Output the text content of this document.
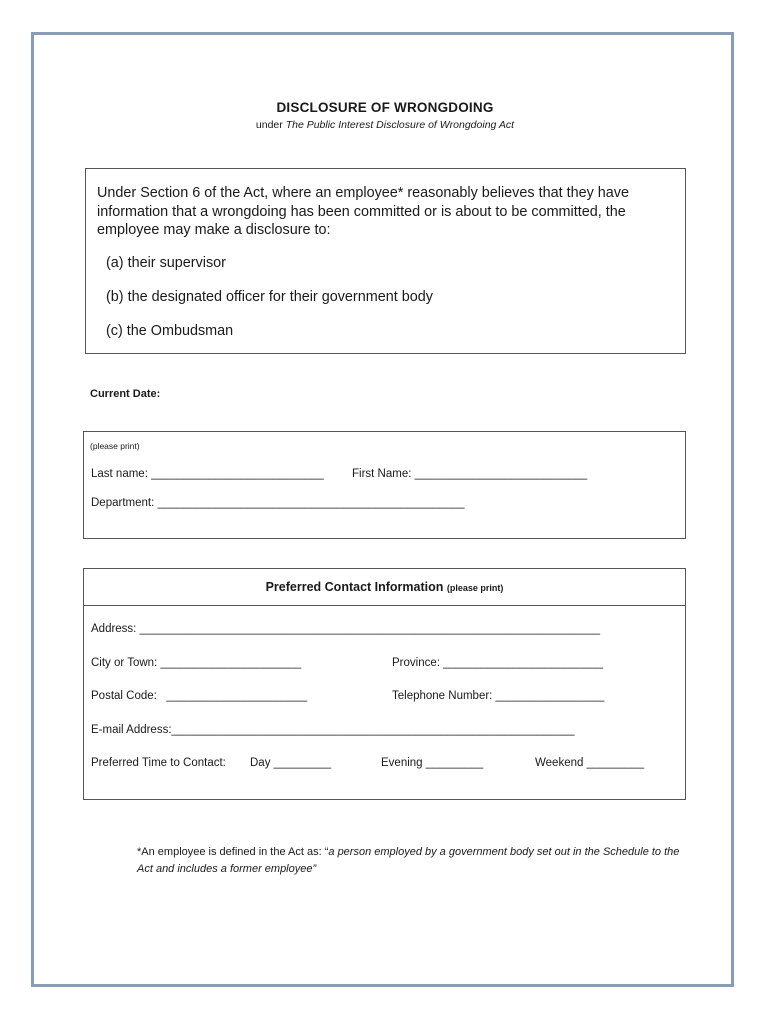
DISCLOSURE OF WRONGDOING
under The Public Interest Disclosure of Wrongdoing Act
Under Section 6 of the Act, where an employee* reasonably believes that they have information that a wrongdoing has been committed or is about to be committed, the employee may make a disclosure to:
(a) their supervisor
(b) the designated officer for their government body
(c) the Ombudsman
Current Date:
(please print)
Last name: ___________________________ First Name: ___________________________
Department: ________________________________________________
Preferred Contact Information (please print)
Address: ________________________________________________________________________
City or Town: ______________________	Province: _________________________
Postal Code:   ______________________	Telephone Number: _________________
E-mail Address:_______________________________________________________________
Preferred Time to Contact: Day _________	Evening _________	Weekend _________
*An employee is defined in the Act as: “a person employed by a government body set out in the Schedule to the Act and includes a former employee”
